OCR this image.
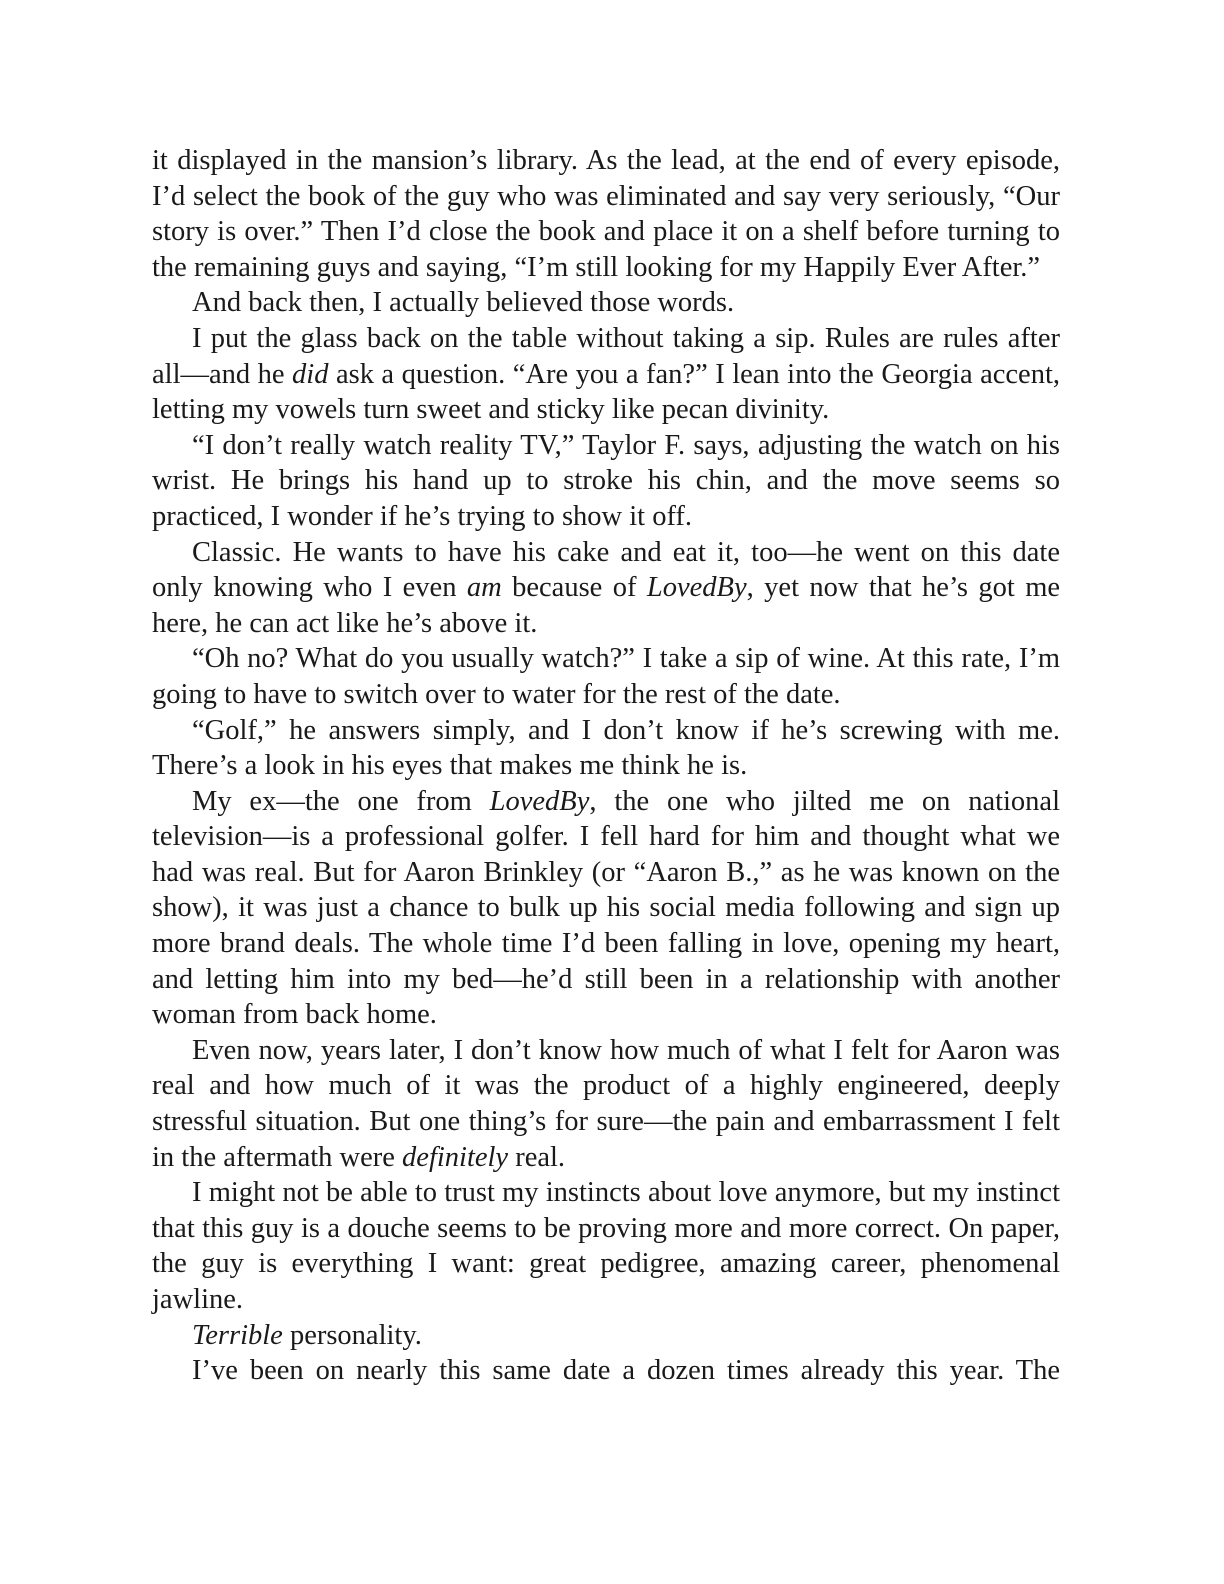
it displayed in the mansion’s library. As the lead, at the end of every episode, I’d select the book of the guy who was eliminated and say very seriously, “Our story is over.” Then I’d close the book and place it on a shelf before turning to the remaining guys and saying, “I’m still looking for my Happily Ever After.”

And back then, I actually believed those words.

I put the glass back on the table without taking a sip. Rules are rules after all—and he did ask a question. “Are you a fan?” I lean into the Georgia accent, letting my vowels turn sweet and sticky like pecan divinity.

“I don’t really watch reality TV,” Taylor F. says, adjusting the watch on his wrist. He brings his hand up to stroke his chin, and the move seems so practiced, I wonder if he’s trying to show it off.

Classic. He wants to have his cake and eat it, too—he went on this date only knowing who I even am because of LovedBy, yet now that he’s got me here, he can act like he’s above it.

“Oh no? What do you usually watch?” I take a sip of wine. At this rate, I’m going to have to switch over to water for the rest of the date.

“Golf,” he answers simply, and I don’t know if he’s screwing with me. There’s a look in his eyes that makes me think he is.

My ex—the one from LovedBy, the one who jilted me on national television—is a professional golfer. I fell hard for him and thought what we had was real. But for Aaron Brinkley (or “Aaron B.,” as he was known on the show), it was just a chance to bulk up his social media following and sign up more brand deals. The whole time I’d been falling in love, opening my heart, and letting him into my bed—he’d still been in a relationship with another woman from back home.

Even now, years later, I don’t know how much of what I felt for Aaron was real and how much of it was the product of a highly engineered, deeply stressful situation. But one thing’s for sure—the pain and embarrassment I felt in the aftermath were definitely real.

I might not be able to trust my instincts about love anymore, but my instinct that this guy is a douche seems to be proving more and more correct. On paper, the guy is everything I want: great pedigree, amazing career, phenomenal jawline.

Terrible personality.

I’ve been on nearly this same date a dozen times already this year. The
